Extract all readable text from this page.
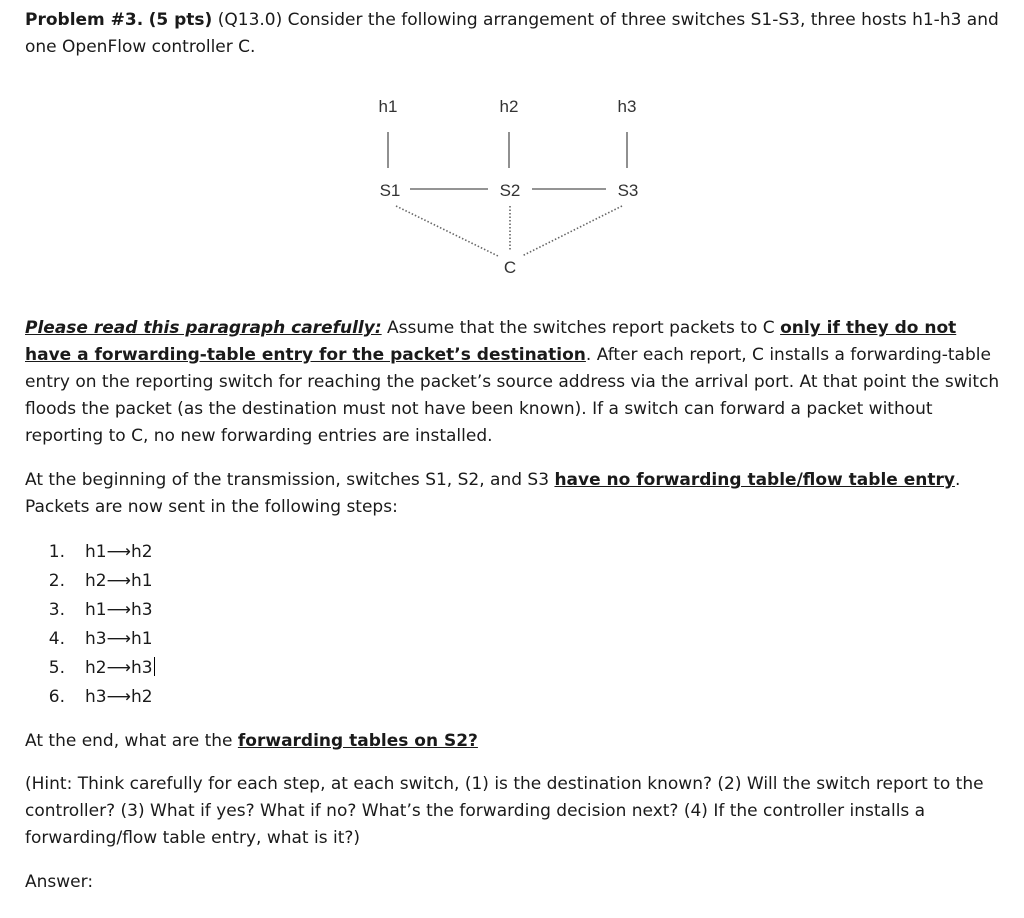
Problem #3. (5 pts) (Q13.0) Consider the following arrangement of three switches S1-S3, three hosts h1-h3 and one OpenFlow controller C.
h1	h2	h3
S1	S2	S3
C
Please read this paragraph carefully: Assume that the switches report packets to C only if they do not have a forwarding-table entry for the packet’s destination. After each report, C installs a forwarding-table entry on the reporting switch for reaching the packet’s source address via the arrival port. At that point the switch floods the packet (as the destination must not have been known). If a switch can forward a packet without reporting to C, no new forwarding entries are installed.
At the beginning of the transmission, switches S1, S2, and S3 have no forwarding table/flow table entry. Packets are now sent in the following steps:
1. h1⟶h2
2. h2⟶h1
3. h1⟶h3
4. h3⟶h1
5. h2⟶h3
6. h3⟶h2
At the end, what are the forwarding tables on S2?
(Hint: Think carefully for each step, at each switch, (1) is the destination known? (2) Will the switch report to the controller? (3) What if yes? What if no? What’s the forwarding decision next? (4) If the controller installs a forwarding/flow table entry, what is it?)
Answer:
